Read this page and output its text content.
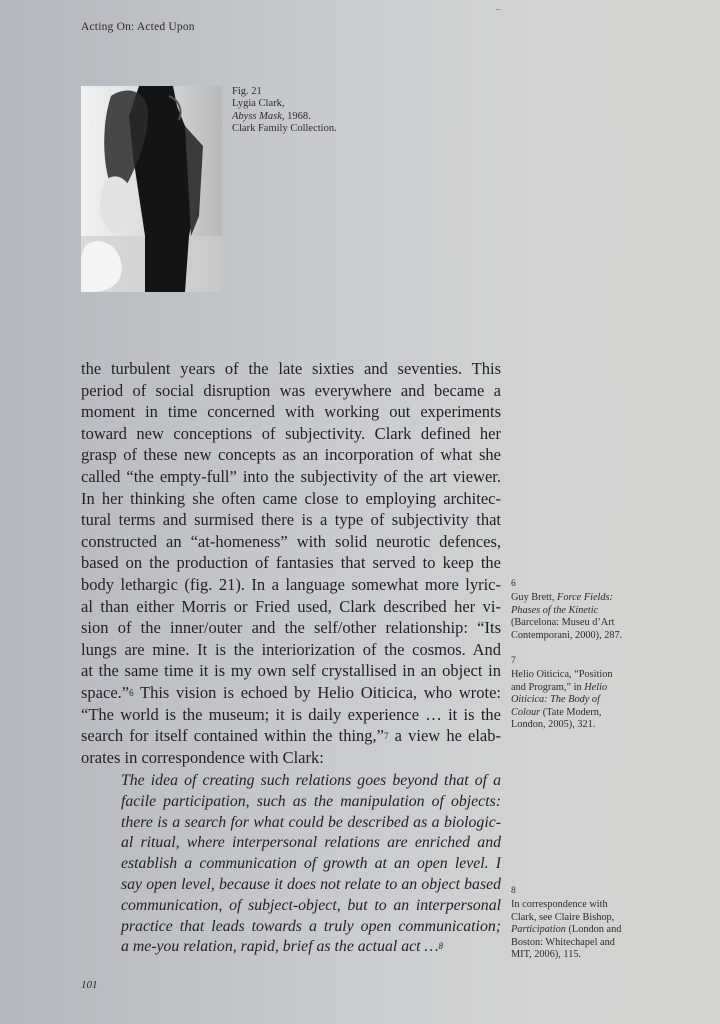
Acting On: Acted Upon
–
Fig. 21
Lygia Clark,
Abyss Mask, 1968.
Clark Family Collection.
the turbulent years of the late sixties and seventies. This
period of social disruption was everywhere and became a
moment in time concerned with working out experiments
toward new conceptions of subjectivity. Clark defined her
grasp of these new concepts as an incorporation of what she
called “the empty-full” into the subjectivity of the art viewer.
In her thinking she often came close to employing architec-
tural terms and surmised there is a type of subjectivity that
constructed an “at-homeness” with solid neurotic defences,
based on the production of fantasies that served to keep the
body lethargic (fig. 21). In a language somewhat more lyric-
al than either Morris or Fried used, Clark described her vi-
sion of the inner/outer and the self/other relationship: “Its
lungs are mine. It is the interiorization of the cosmos. And
at the same time it is my own self crystallised in an object in
space.”$^6$ This vision is echoed by Helio Oiticica, who wrote:
“The world is the museum; it is daily experience … it is the
search for itself contained within the thing,”$^7$ a view he elab-
orates in correspondence with Clark:
The idea of creating such relations goes beyond that of a
facile participation, such as the manipulation of objects:
there is a search for what could be described as a biologic-
al ritual, where interpersonal relations are enriched and
establish a communication of growth at an open level. I
say open level, because it does not relate to an object based
communication, of subject-object, but to an interpersonal
practice that leads towards a truly open communication;
a me-you relation, rapid, brief as the actual act …$^8$
6
Guy Brett, Force Fields:
Phases of the Kinetic
(Barcelona: Museu d’Art
Contemporani, 2000), 287.
7
Helio Oiticica, “Position
and Program,” in Helio
Oiticica: The Body of
Colour (Tate Modern,
London, 2005), 321.
8
In correspondence with
Clark, see Claire Bishop,
Participation (London and
Boston: Whitechapel and
MIT, 2006), 115.
101
